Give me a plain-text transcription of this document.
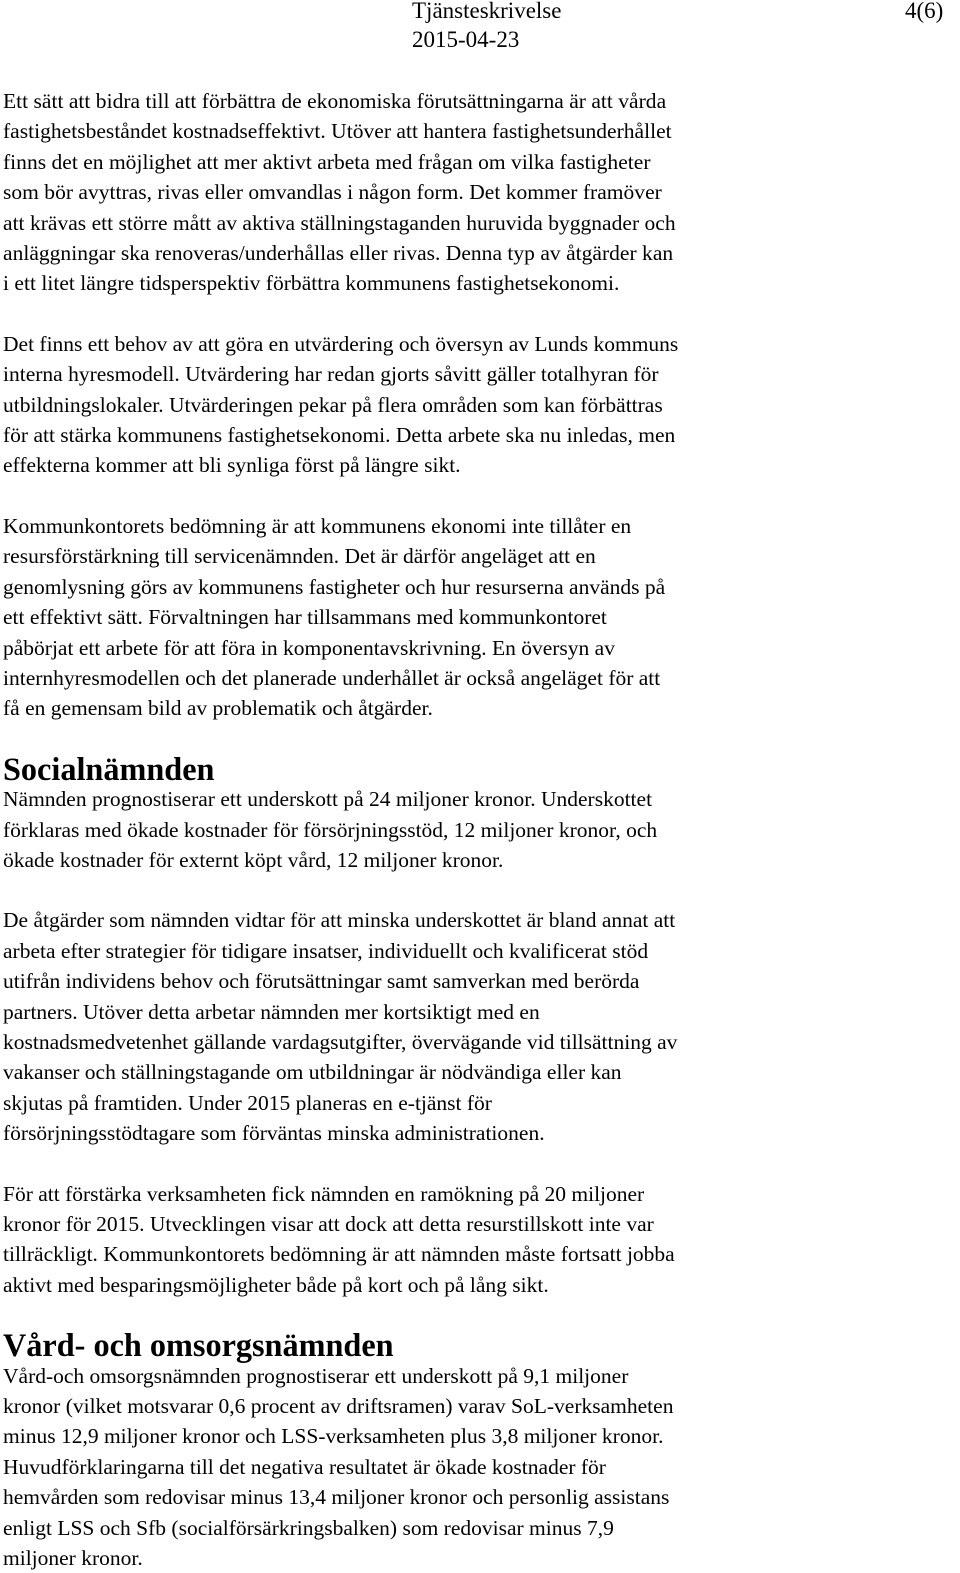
Tjänsteskrivelse
2015-04-23
4(6)

Ett sätt att bidra till att förbättra de ekonomiska förutsättningarna är att vårda
fastighetsbeståndet kostnadseffektivt. Utöver att hantera fastighetsunderhållet
finns det en möjlighet att mer aktivt arbeta med frågan om vilka fastigheter
som bör avyttras, rivas eller omvandlas i någon form. Det kommer framöver
att krävas ett större mått av aktiva ställningstaganden huruvida byggnader och
anläggningar ska renoveras/underhållas eller rivas. Denna typ av åtgärder kan
i ett litet längre tidsperspektiv förbättra kommunens fastighetsekonomi.

Det finns ett behov av att göra en utvärdering och översyn av Lunds kommuns
interna hyresmodell. Utvärdering har redan gjorts såvitt gäller totalhyran för
utbildningslokaler. Utvärderingen pekar på flera områden som kan förbättras
för att stärka kommunens fastighetsekonomi. Detta arbete ska nu inledas, men
effekterna kommer att bli synliga först på längre sikt.

Kommunkontorets bedömning är att kommunens ekonomi inte tillåter en
resursförstärkning till servicenämnden. Det är därför angeläget att en
genomlysning görs av kommunens fastigheter och hur resurserna används på
ett effektivt sätt. Förvaltningen har tillsammans med kommunkontoret
påbörjat ett arbete för att föra in komponentavskrivning. En översyn av
internhyresmodellen och det planerade underhållet är också angeläget för att
få en gemensam bild av problematik och åtgärder.

Socialnämnden

Nämnden prognostiserar ett underskott på 24 miljoner kronor. Underskottet
förklaras med ökade kostnader för försörjningsstöd, 12 miljoner kronor, och
ökade kostnader för externt köpt vård, 12 miljoner kronor.

De åtgärder som nämnden vidtar för att minska underskottet är bland annat att
arbeta efter strategier för tidigare insatser, individuellt och kvalificerat stöd
utifrån individens behov och förutsättningar samt samverkan med berörda
partners. Utöver detta arbetar nämnden mer kortsiktigt med en
kostnadsmedvetenhet gällande vardagsutgifter, övervägande vid tillsättning av
vakanser och ställningstagande om utbildningar är nödvändiga eller kan
skjutas på framtiden. Under 2015 planeras en e-tjänst för
försörjningsstödtagare som förväntas minska administrationen.

För att förstärka verksamheten fick nämnden en ramökning på 20 miljoner
kronor för 2015. Utvecklingen visar att dock att detta resurstillskott inte var
tillräckligt. Kommunkontorets bedömning är att nämnden måste fortsatt jobba
aktivt med besparingsmöjligheter både på kort och på lång sikt.

Vård- och omsorgsnämnden

Vård-och omsorgsnämnden prognostiserar ett underskott på 9,1 miljoner
kronor (vilket motsvarar 0,6 procent av driftsramen) varav SoL-verksamheten
minus 12,9 miljoner kronor och LSS-verksamheten plus 3,8 miljoner kronor.
Huvudförklaringarna till det negativa resultatet är ökade kostnader för
hemvården som redovisar minus 13,4 miljoner kronor och personlig assistans
enligt LSS och Sfb (socialförsärkringsbalken) som redovisar minus 7,9
miljoner kronor.
